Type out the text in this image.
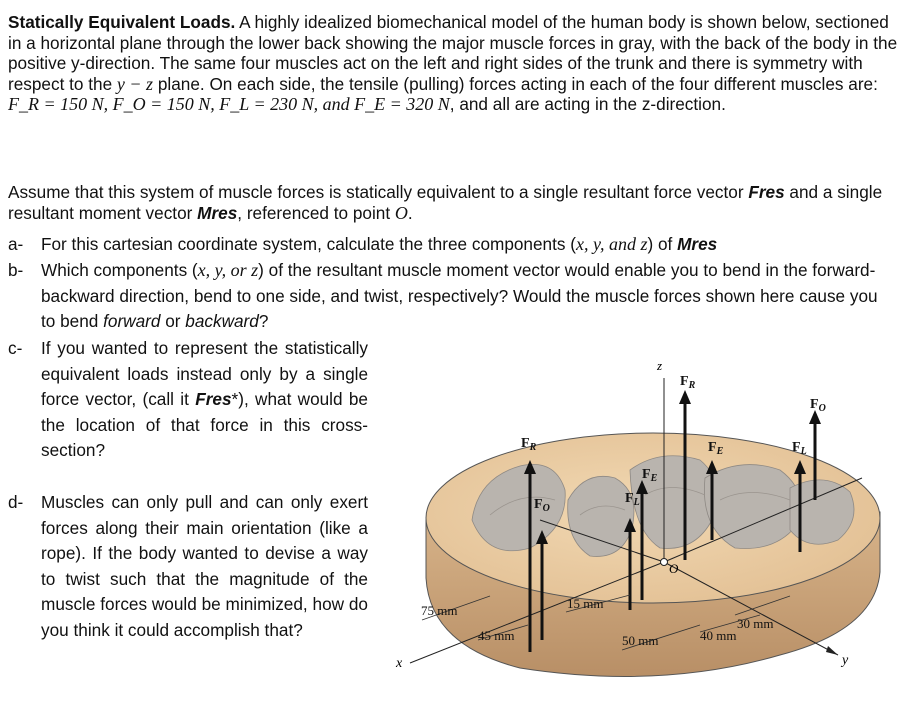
Statically Equivalent Loads. A highly idealized biomechanical model of the human body is shown below, sectioned in a horizontal plane through the lower back showing the major muscle forces in gray, with the back of the body in the positive y-direction. The same four muscles act on the left and right sides of the trunk and there is symmetry with respect to the y − z plane. On each side, the tensile (pulling) forces acting in each of the four different muscles are: F_R = 150 N, F_O = 150 N, F_L = 230 N, and F_E = 320 N, and all are acting in the z-direction.

Assume that this system of muscle forces is statically equivalent to a single resultant force vector Fres and a single resultant moment vector Mres, referenced to point O.

a- For this cartesian coordinate system, calculate the three components (x, y, and z) of Mres
b- Which components (x, y, or z) of the resultant muscle moment vector would enable you to bend in the forward-backward direction, bend to one side, and twist, respectively? Would the muscle forces shown here cause you to bend forward or backward?
c- If you wanted to represent the statistically equivalent loads instead only by a single force vector, (call it Fres*), what would be the location of that force in this cross-section?
d- Muscles can only pull and can only exert forces along their main orientation (like a rope). If the body wanted to devise a way to twist such that the magnitude of the muscle forces would be minimized, how do you think it could accomplish that?
z
y
x
O
$F_R$
$F_O$
$F_L$
$F_E$
$F_R$
$F_E$	$F_L$
$F_O$
75 mm
45 mm
15 mm
50 mm	40 mm
30 mm
